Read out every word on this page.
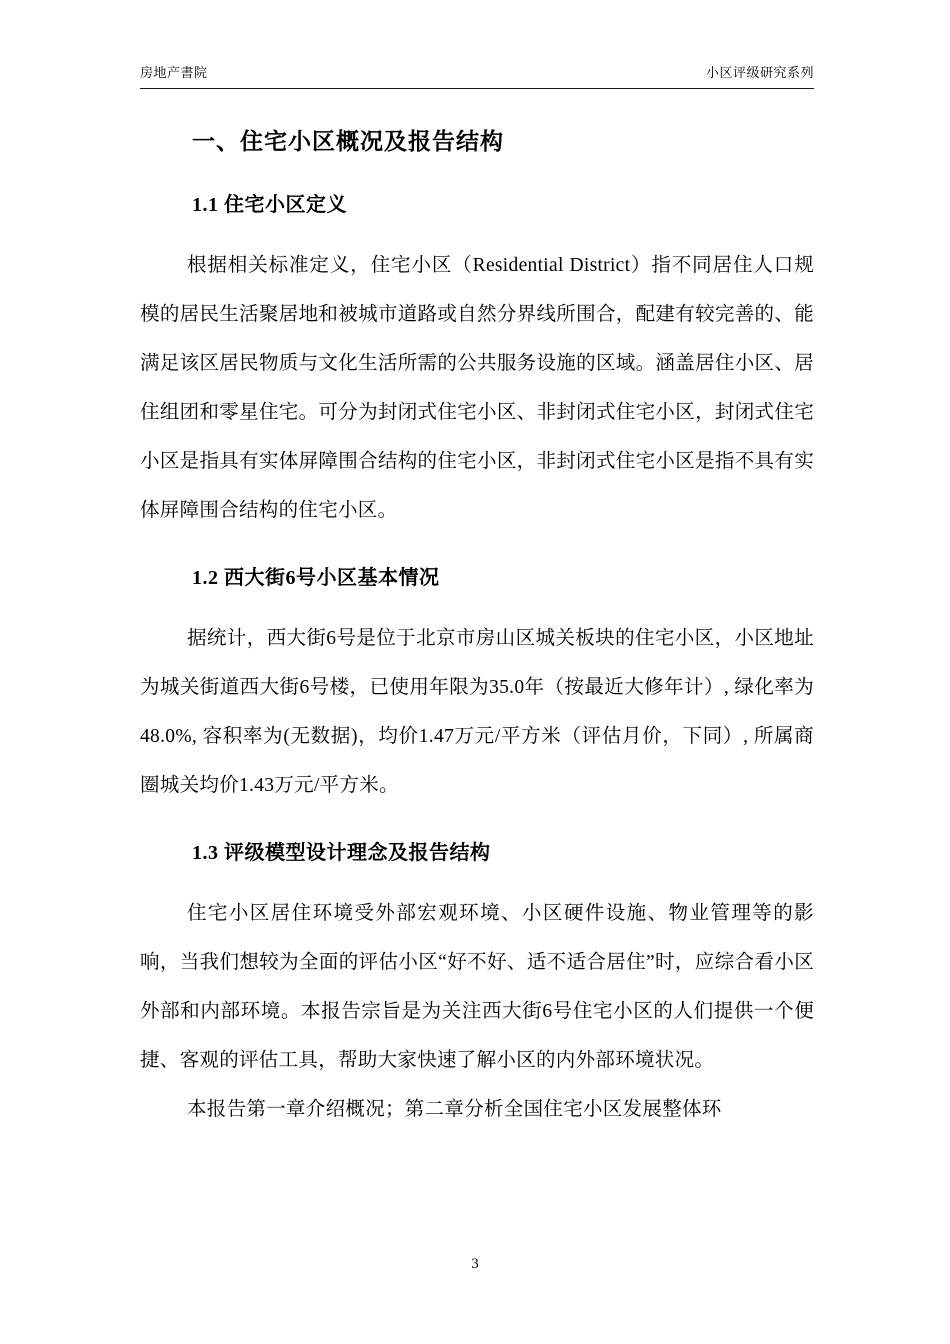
房地产書院	小区评级研究系列
一、住宅小区概况及报告结构
1.1 住宅小区定义

根据相关标准定义，住宅小区（Residential District）指不同居住人口规模的居民生活聚居地和被城市道路或自然分界线所围合，配建有较完善的、能满足该区居民物质与文化生活所需的公共服务设施的区域。涵盖居住小区、居住组团和零星住宅。可分为封闭式住宅小区、非封闭式住宅小区，封闭式住宅小区是指具有实体屏障围合结构的住宅小区，非封闭式住宅小区是指不具有实体屏障围合结构的住宅小区。

1.2 西大街6号小区基本情况

据统计，西大街6号是位于北京市房山区城关板块的住宅小区，小区地址为城关街道西大街6号楼，已使用年限为35.0年（按最近大修年计）, 绿化率为48.0%, 容积率为(无数据)，均价1.47万元/平方米（评估月价，下同）, 所属商圈城关均价1.43万元/平方米。

1.3 评级模型设计理念及报告结构

住宅小区居住环境受外部宏观环境、小区硬件设施、物业管理等的影响，当我们想较为全面的评估小区“好不好、适不适合居住”时，应综合看小区外部和内部环境。本报告宗旨是为关注西大街6号住宅小区的人们提供一个便捷、客观的评估工具，帮助大家快速了解小区的内外部环境状况。

本报告第一章介绍概况；第二章分析全国住宅小区发展整体环

3
